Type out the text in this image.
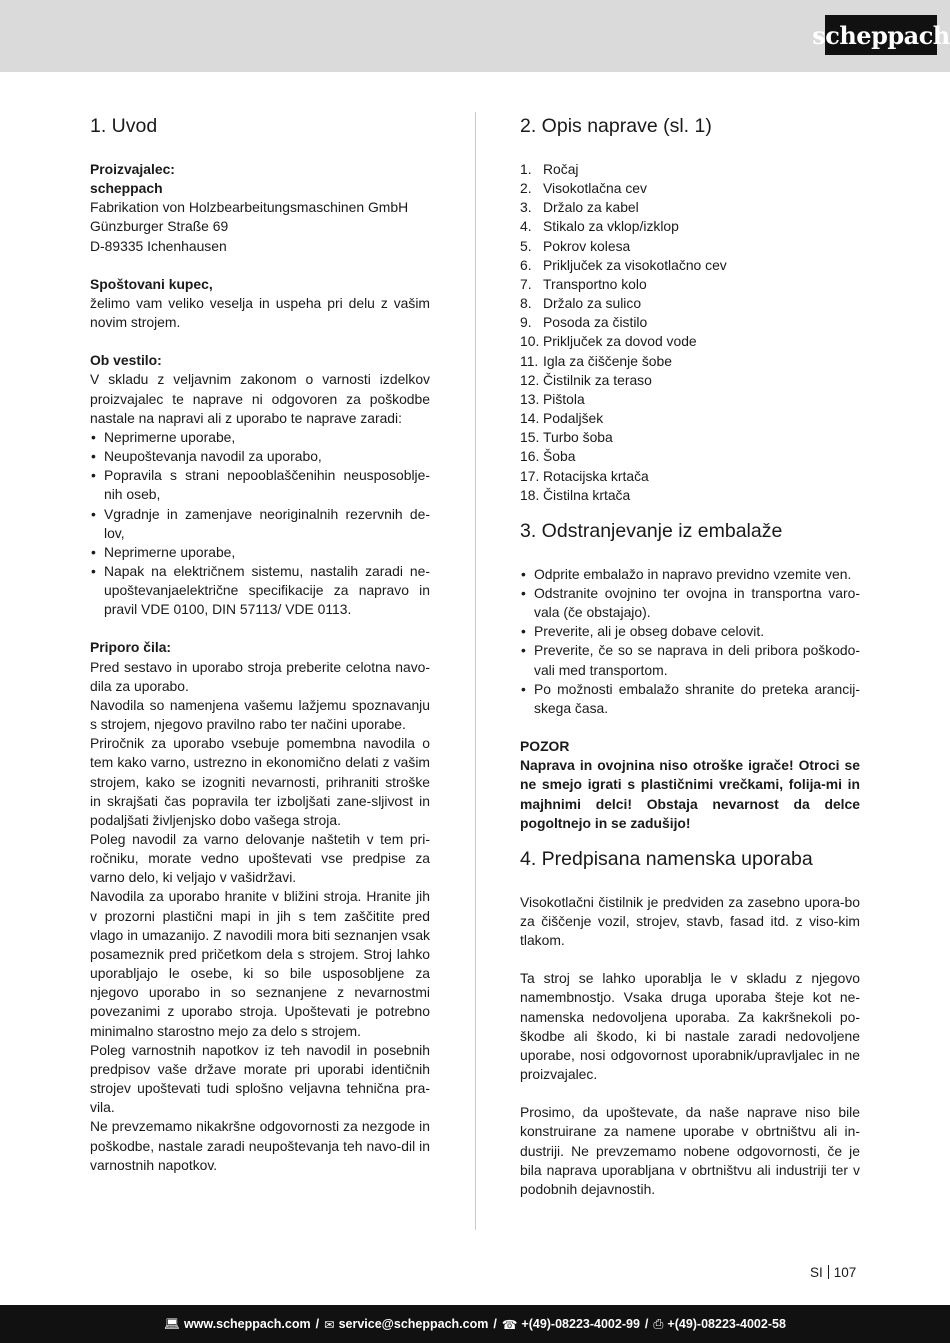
scheppach
1. Uvod

Proizvajalec:

scheppach

Fabrikation von Holzbearbeitungsmaschinen GmbH

Günzburger Straße 69

D-89335 Ichenhausen

Spoštovani kupec,

želimo vam veliko veselja in uspeha pri delu z vašim novim strojem.

Ob vestilo:

V skladu z veljavnim zakonom o varnosti izdelkov proizvajalec te naprave ni odgovoren za poškodbe nastale na napravi ali z uporabo te naprave zaradi:

• Neprimerne uporabe,
• Neupoštevanja navodil za uporabo,
• Popravila s strani nepooblaščenihin neusposoblje-nih oseb,
• Vgradnje in zamenjave neoriginalnih rezervnih de-lov,
• Neprimerne uporabe,
• Napak na električnem sistemu, nastalih zaradi ne-upoštevanjaelektrične specifikacije za napravo in pravil VDE 0100, DIN 57113/ VDE 0113.

Priporo čila:

Pred sestavo in uporabo stroja preberite celotna navo-dila za uporabo.

Navodila so namenjena vašemu lažjemu spoznavanju s strojem, njegovo pravilno rabo ter načini uporabe.

Priročnik za uporabo vsebuje pomembna navodila o tem kako varno, ustrezno in ekonomično delati z vašim strojem, kako se izogniti nevarnosti, prihraniti stroške in skrajšati čas popravila ter izboljšati zane-sljivost in podaljšati življenjsko dobo vašega stroja.

Poleg navodil za varno delovanje naštetih v tem pri-ročniku, morate vedno upoštevati vse predpise za varno delo, ki veljajo v vašidržavi.

Navodila za uporabo hranite v bližini stroja. Hranite jih v prozorni plastični mapi in jih s tem zaščitite pred vlago in umazanijo. Z navodili mora biti seznanjen vsak posameznik pred pričetkom dela s strojem. Stroj lahko uporabljajo le osebe, ki so bile usposobljene za njegovo uporabo in so seznanjene z nevarnostmi povezanimi z uporabo stroja. Upoštevati je potrebno minimalno starostno mejo za delo s strojem.

Poleg varnostnih napotkov iz teh navodil in posebnih predpisov vaše države morate pri uporabi identičnih strojev upoštevati tudi splošno veljavna tehnična pra-vila.

Ne prevzemamo nikakršne odgovornosti za nezgode in poškodbe, nastale zaradi neupoštevanja teh navo-dil in varnostnih napotkov.

2. Opis naprave (sl. 1)
1. Ročaj
2. Visokotlačna cev
3. Držalo za kabel
4. Stikalo za vklop/izklop
5. Pokrov kolesa
6. Priključek za visokotlačno cev
7. Transportno kolo
8. Držalo za sulico
9. Posoda za čistilo
10. Priključek za dovod vode
11. Igla za čiščenje šobe
12. Čistilnik za teraso
13. Pištola
14. Podaljšek
15. Turbo šoba
16. Šoba
17. Rotacijska krtača
18. Čistilna krtača
3. Odstranjevanje iz embalaže
• Odprite embalažo in napravo previdno vzemite ven.
• Odstranite ovojnino ter ovojna in transportna varo-vala (če obstajajo).
• Preverite, ali je obseg dobave celovit.
• Preverite, če so se naprava in deli pribora poškodo-vali med transportom.
• Po možnosti embalažo shranite do preteka arancij-skega časa.

POZOR

Naprava in ovojnina niso otroške igrače! Otroci se ne smejo igrati s plastičnimi vrečkami, folija-mi in majhnimi delci! Obstaja nevarnost da delce pogoltnejo in se zadušijo!

4. Predpisana namenska uporaba

Visokotlačni čistilnik je predviden za zasebno upora-bo za čiščenje vozil, strojev, stavb, fasad itd. z viso-kim tlakom.

Ta stroj se lahko uporablja le v skladu z njegovo namembnostjo. Vsaka druga uporaba šteje kot ne-namenska nedovoljena uporaba. Za kakršnekoli po-škodbe ali škodo, ki bi nastale zaradi nedovoljene uporabe, nosi odgovornost uporabnik/upravljalec in ne proizvajalec.

Prosimo, da upoštevate, da naše naprave niso bile konstruirane za namene uporabe v obrtništvu ali in-dustriji. Ne prevzemamo nobene odgovornosti, če je bila naprava uporabljana v obrtništvu ali industriji ter v podobnih dejavnostih.

SI 107
💻︎ www.scheppach.com / ✉︎ service@scheppach.com / ☎ +(49)-08223-4002-99 / ⎙ +(49)-08223-4002-58
